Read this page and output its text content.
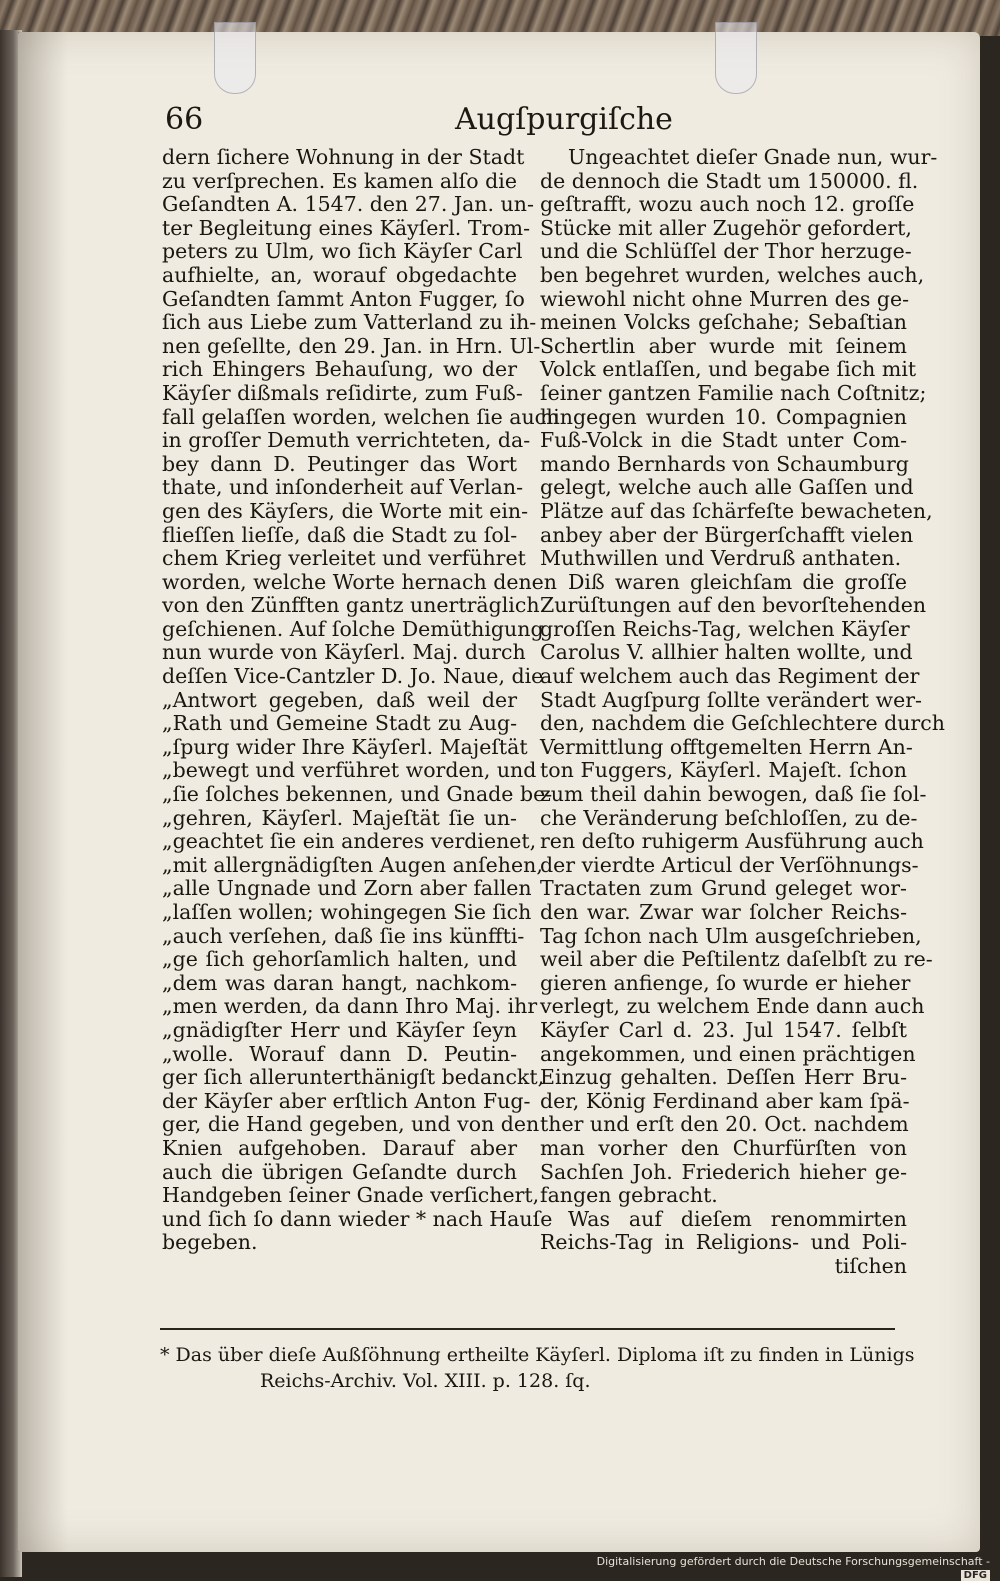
66	Augſpurgiſche
dern ſichere Wohnung in der Stadt
zu verſprechen. Es kamen alſo die
Geſandten A. 1547. den 27. Jan. un-
ter Begleitung eines Käyſerl. Trom-
peters zu Ulm, wo ſich Käyſer Carl
aufhielte, an, worauf obgedachte
Geſandten ſammt Anton Fugger, ſo
ſich aus Liebe zum Vatterland zu ih-
nen geſellte, den 29. Jan. in Hrn. Ul-
rich Ehingers Behauſung, wo der
Käyſer dißmals reſidirte, zum Fuß-
fall gelaſſen worden, welchen ſie auch
in groſſer Demuth verrichteten, da-
bey dann D. Peutinger das Wort
thate, und inſonderheit auf Verlan-
gen des Käyſers, die Worte mit ein-
flieſſen lieſſe, daß die Stadt zu ſol-
chem Krieg verleitet und verführet
worden, welche Worte hernach denen
von den Zünfften gantz unerträglich
geſchienen. Auf ſolche Demüthigung
nun wurde von Käyſerl. Maj. durch
deſſen Vice-Cantzler D. Jo. Naue, die
„Antwort gegeben, daß weil der
„Rath und Gemeine Stadt zu Aug-
„ſpurg wider Ihre Käyſerl. Majeſtät
„bewegt und verführet worden, und
„ſie ſolches bekennen, und Gnade be-
„gehren, Käyſerl. Majeſtät ſie un-
„geachtet ſie ein anderes verdienet,
„mit allergnädigſten Augen anſehen,
„alle Ungnade und Zorn aber fallen
„laſſen wollen; wohingegen Sie ſich
„auch verſehen, daß ſie ins künffti-
„ge ſich gehorſamlich halten, und
„dem was daran hangt, nachkom-
„men werden, da dann Ihro Maj. ihr
„gnädigſter Herr und Käyſer ſeyn
„wolle. Worauf dann D. Peutin-
ger ſich allerunterthänigſt bedanckt,
der Käyſer aber erſtlich Anton Fug-
ger, die Hand gegeben, und von den
Knien aufgehoben. Darauf aber
auch die übrigen Geſandte durch
Handgeben ſeiner Gnade verſichert,
und ſich ſo dann wieder * nach Hauſe
begeben.
Ungeachtet dieſer Gnade nun, wur-
de dennoch die Stadt um 150000. fl.
geſtrafft, wozu auch noch 12. groſſe
Stücke mit aller Zugehör gefordert,
und die Schlüſſel der Thor herzuge-
ben begehret wurden, welches auch,
wiewohl nicht ohne Murren des ge-
meinen Volcks geſchahe; Sebaſtian
Schertlin aber wurde mit ſeinem
Volck entlaſſen, und begabe ſich mit
ſeiner gantzen Familie nach Coſtnitz;
hingegen wurden 10. Compagnien
Fuß-Volck in die Stadt unter Com-
mando Bernhards von Schaumburg
gelegt, welche auch alle Gaſſen und
Plätze auf das ſchärfeſte bewacheten,
anbey aber der Bürgerſchafft vielen
Muthwillen und Verdruß anthaten.
Diß waren gleichſam die groſſe
Zurüſtungen auf den bevorſtehenden
groſſen Reichs-Tag, welchen Käyſer
Carolus V. allhier halten wollte, und
auf welchem auch das Regiment der
Stadt Augſpurg ſollte verändert wer-
den, nachdem die Geſchlechtere durch
Vermittlung offtgemelten Herrn An-
ton Fuggers, Käyſerl. Majeſt. ſchon
zum theil dahin bewogen, daß ſie ſol-
che Veränderung beſchloſſen, zu de-
ren deſto ruhigerm Ausführung auch
der vierdte Articul der Verſöhnungs-
Tractaten zum Grund geleget wor-
den war. Zwar war ſolcher Reichs-
Tag ſchon nach Ulm ausgeſchrieben,
weil aber die Peſtilentz daſelbſt zu re-
gieren anfienge, ſo wurde er hieher
verlegt, zu welchem Ende dann auch
Käyſer Carl d. 23. Jul 1547. ſelbſt
angekommen, und einen prächtigen
Einzug gehalten. Deſſen Herr Bru-
der, König Ferdinand aber kam ſpä-
ther und erſt den 20. Oct. nachdem
man vorher den Churfürſten von
Sachſen Joh. Friederich hieher ge-
fangen gebracht.
Was auf dieſem renommirten
Reichs-Tag in Religions- und Poli-
tiſchen
* Das über dieſe Außſöhnung ertheilte Käyſerl. Diploma iſt zu finden in Lünigs
Reichs-Archiv. Vol. XIII. p. 128. ſq.
Digitalisierung gefördert durch die Deutsche Forschungsgemeinschaft -DFG
